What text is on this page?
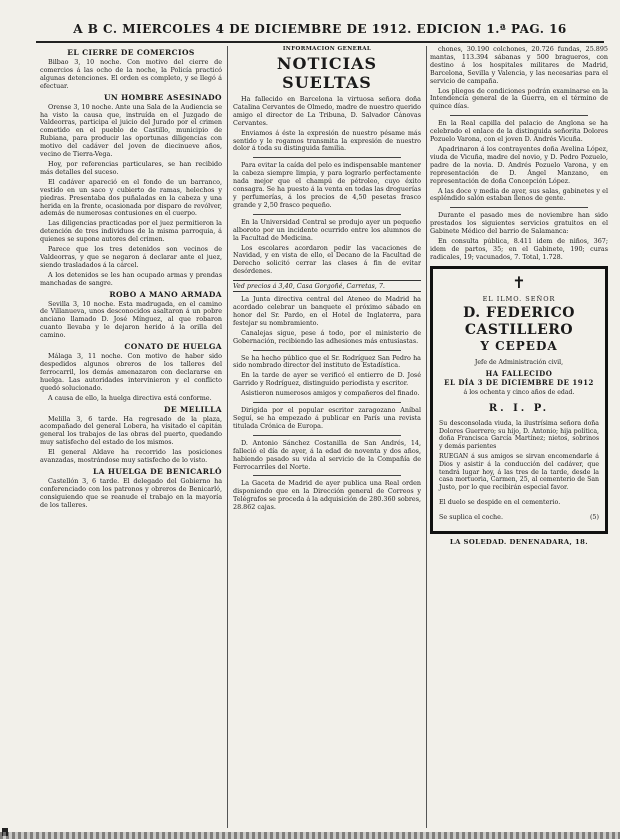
A B C. MIERCOLES 4 DE DICIEMBRE DE 1912. EDICION 1.ª PAG. 16
EL CIERRE DE COMERCIOS

Bilbao 3, 10 noche. Con motivo del cierre de comercios á las ocho de la noche, la Policía practicó algunas detenciones. El orden es completo, y se llegó á efectuar.

UN HOMBRE ASESINADO

Orense 3, 10 noche. Ante una Sala de la Audiencia se ha visto la causa que, instruída en el Juzgado de Valdeorras, participa el juicio del Jurado por el crimen cometido en el pueblo de Castillo, municipio de Rubiana, para producir las oportunas diligencias con motivo del cadáver del joven de diecinueve años, vecino de Tierra-Vega.

Hoy, por referencias particulares, se han recibido más detalles del suceso.

El cadáver apareció en el fondo de un barranco, vestido en un saco y cubierto de ramas, helechos y piedras. Presentaba dos puñaladas en la cabeza y una herida en la frente, ocasionada por disparo de revólver, además de numerosas contusiones en el cuerpo.

Las diligencias practicadas por el juez permitieron la detención de tres individuos de la misma parroquia, á quienes se supone autores del crimen.

Parece que los tres detenidos son vecinos de Valdeorras, y que se negaron á declarar ante el juez, siendo trasladados á la cárcel.

A los detenidos se les han ocupado armas y prendas manchadas de sangre.

ROBO A MANO ARMADA

Sevilla 3, 10 noche. Esta madrugada, en el camino de Villanueva, unos desconocidos asaltaron á un pobre anciano llamado D. José Mínguez, al que robaron cuanto llevaba y le dejaron herido á la orilla del camino.

CONATO DE HUELGA

Málaga 3, 11 noche. Con motivo de haber sido despedidos algunos obreros de los talleres del ferrocarril, los demás amenazaron con declararse en huelga. Las autoridades intervinieron y el conflicto quedó solucionado.

A causa de ello, la huelga directiva está conforme.

DE MELILLA

Melilla 3, 6 tarde. Ha regresado de la plaza, acompañado del general Lobera, ha visitado el capitán general los trabajos de las obras del puerto, quedando muy satisfecho del estado de los mismos.

El general Aldave ha recorrido las posiciones avanzadas, mostrándose muy satisfecho de lo visto.

LA HUELGA DE BENICARLÓ

Castellón 3, 6 tarde. El delegado del Gobierno ha conferenciado con los patronos y obreros de Benicarló, consiguiendo que se reanude el trabajo en la mayoría de los talleres.

INFORMACIÓN GENERAL
NOTICIAS SUELTAS

Ha fallecido en Barcelona la virtuosa señora doña Catalina Cervantes de Olmedo, madre de nuestro querido amigo el director de La Tribuna, D. Salvador Cánovas Cervantes.

Enviamos á éste la expresión de nuestro pésame más sentido y le rogamos transmita la expresión de nuestro dolor á toda su distinguida familia.

Para evitar la caída del pelo es indispensable mantener la cabeza siempre limpia, y para lograrlo perfectamente nada mejor que el champú de pétroleo, cuyo éxito consagra. Se ha puesto á la venta en todas las droguerías y perfumerías, á los precios de 4,50 pesetas frasco grande y 2,50 frasco pequeño.

En la Universidad Central se produjo ayer un pequeño alboroto por un incidente ocurrido entre los alumnos de la Facultad de Medicina.

Los escolares acordaron pedir las vacaciones de Navidad, y en vista de ello, el Decano de la Facultad de Derecho solicitó cerrar las clases á fin de evitar desórdenes.

Ved precios á 3,40, Casa Gorgoñé, Carretas, 7.

La Junta directiva central del Ateneo de Madrid ha acordado celebrar un banquete el próximo sábado en honor del Sr. Pardo, en el Hotel de Inglaterra, para festejar su nombramiento.

Canalejas sigue, pese á todo, por el ministerio de Gobernación, recibiendo las adhesiones más entusiastas.

Se ha hecho público que el Sr. Rodríguez San Pedro ha sido nombrado director del instituto de Estadística.

En la tarde de ayer se verificó el entierro de D. José Garrido y Rodríguez, distinguido periodista y escritor.

Asistieron numerosos amigos y compañeros del finado.

Dirigida por el popular escritor zaragozano Aníbal Seguí, se ha empezado á publicar en París una revista titulada Crónica de Europa.

D. Antonio Sánchez Costanilla de San Andrés, 14, falleció el día de ayer, á la edad de noventa y dos años, habiendo pasado su vida al servicio de la Compañía de Ferrocarriles del Norte.

La Gaceta de Madrid de ayer publica una Real orden disponiendo que en la Dirección general de Correos y Telégrafos se proceda á la adquisición de 280.360 sobres, 28.862 cajas.

chones, 30.190 colchones, 20.726 fundas, 25.895 mantas, 113.394 sábanas y 500 bragueros, con destino á los hospitales militares de Madrid, Barcelona, Sevilla y Valencia, y las necesarias para el servicio de campaña.

Los pliegos de condiciones podrán examinarse en la Intendencia general de la Guerra, en el término de quince días.

En la Real capilla del palacio de Anglona se ha celebrado el enlace de la distinguida señorita Dolores Pozuelo Varona, con el joven D. Andrés Vicuña.

Apadrinaron á los contrayentes doña Avelina López, viuda de Vicuña, madre del novio, y D. Pedro Pozuelo, padre de la novia. D. Andrés Pozuelo Varona, y en representación de D. Ángel Manzano, en representación de doña Concepción López.

A las doce y media de ayer, sus salas, gabinetes y el espléndido salón estaban llenos de gente.

Durante el pasado mes de noviembre han sido prestados los siguientes servicios gratuitos en el Gabinete Médico del barrio de Salamanca:

En consulta pública, 8.411 idem de niños, 367; idem de partos, 35; en el Gabinete, 190; curas radicales, 19; vacunados, 7. Total, 1.728.

✝
EL ILMO. SEÑOR
D. FEDERICO CASTILLERO
Y CEPEDA
Jefe de Administración civil,
HA FALLECIDO
EL DÍA 3 DE DICIEMBRE DE 1912
á los ochenta y cinco años de edad.
R. I. P.

Su desconsolada viuda, la ilustrísima señora doña Dolores Guerrero; su hijo, D. Antonio; hija política, doña Francisca García Martínez; nietos, sobrinos y demás parientes

RUEGAN á sus amigos se sirvan encomendarle á Dios y asistir á la conducción del cadáver, que tendrá lugar hoy, á las tres de la tarde, desde la casa mortuoria, Carmen, 25, al cementerio de San Justo, por lo que recibirán especial favor.

El duelo se despide en el cementerio.

Se suplica el coche.	(5)

LA SOLEDAD. DENENADARA, 18.
